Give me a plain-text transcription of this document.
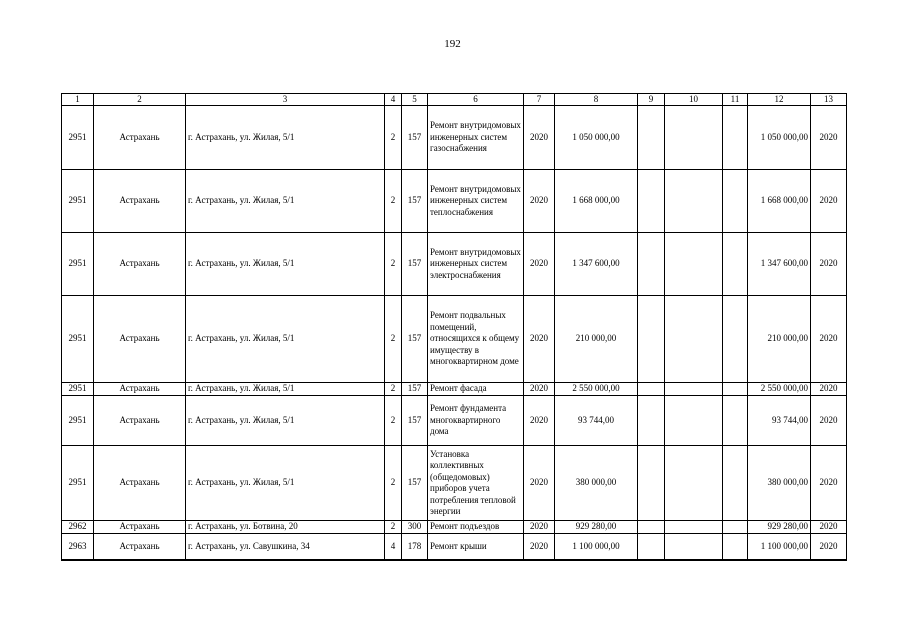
192
1	2	3	4	5	6	7	8	9	10	11	12	13
2951	Астрахань	г. Астрахань, ул. Жилая, 5/1	2	157	Ремонт внутридомовых инженерных систем газоснабжения	2020	1 050 000,00				1 050 000,00	2020
2951	Астрахань	г. Астрахань, ул. Жилая, 5/1	2	157	Ремонт внутридомовых инженерных систем теплоснабжения	2020	1 668 000,00				1 668 000,00	2020
2951	Астрахань	г. Астрахань, ул. Жилая, 5/1	2	157	Ремонт внутридомовых инженерных систем электроснабжения	2020	1 347 600,00				1 347 600,00	2020
2951	Астрахань	г. Астрахань, ул. Жилая, 5/1	2	157	Ремонт подвальных помещений, относящихся к общему имуществу в многоквартирном доме	2020	210 000,00				210 000,00	2020
2951	Астрахань	г. Астрахань, ул. Жилая, 5/1	2	157	Ремонт фасада	2020	2 550 000,00				2 550 000,00	2020
2951	Астрахань	г. Астрахань, ул. Жилая, 5/1	2	157	Ремонт фундамента многоквартирного дома	2020	93 744,00				93 744,00	2020
2951	Астрахань	г. Астрахань, ул. Жилая, 5/1	2	157	Установка коллективных (общедомовых) приборов учета потребления тепловой энергии	2020	380 000,00				380 000,00	2020
2962	Астрахань	г. Астрахань, ул. Ботвина, 20	2	300	Ремонт подъездов	2020	929 280,00				929 280,00	2020
2963	Астрахань	г. Астрахань, ул. Савушкина, 34	4	178	Ремонт крыши	2020	1 100 000,00				1 100 000,00	2020
